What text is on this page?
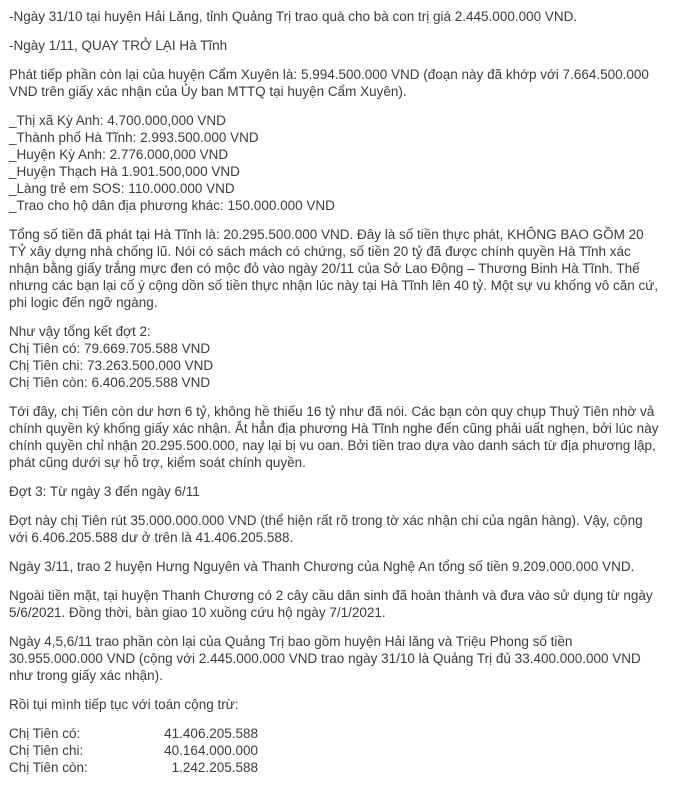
-Ngày 31/10 tại huyện Hải Lăng, tỉnh Quảng Trị trao quà cho bà con trị giá 2.445.000.000 VND.

-Ngày 1/11, QUAY TRỞ LẠI Hà Tĩnh

Phát tiếp phần còn lại của huyện Cẩm Xuyên là: 5.994.500.000 VND (đoạn này đã khớp với 7.664.500.000 VND trên giấy xác nhận của Ủy ban MTTQ tại huyện Cẩm Xuyên).

_Thị xã Kỳ Anh: 4.700.000,000 VND
_Thành phố Hà Tĩnh: 2.993.500.000 VND
_Huyện Kỳ Anh: 2.776.000,000 VND
_Huyện Thạch Hà 1.901.500,000 VND
_Làng trẻ em SOS: 110.000.000 VND
_Trao cho hộ dân địa phương khác: 150.000.000 VND

Tổng số tiền đã phát tại Hà Tĩnh là: 20.295.500.000 VND. Đây là số tiền thực phát, KHÔNG BAO GỒM 20 TỶ xây dựng nhà chống lũ. Nói có sách mách có chứng, số tiền 20 tỷ đã được chính quyền Hà Tĩnh xác nhận bằng giấy trắng mực đen có mộc đỏ vào ngày 20/11 của Sở Lao Động – Thương Binh Hà Tĩnh. Thế nhưng các bạn lại cố ý cộng dồn số tiền thực nhận lúc này tại Hà Tĩnh lên 40 tỷ. Một sự vu khống vô căn cứ, phi logic đến ngỡ ngàng.

Như vậy tổng kết đợt 2:
Chị Tiên có: 79.669.705.588 VND
Chị Tiên chi: 73.263.500.000 VND
Chị Tiên còn: 6.406.205.588 VND

Tới đây, chị Tiên còn dư hơn 6 tỷ, không hề thiếu 16 tỷ như đã nói. Các bạn còn quy chụp Thuỷ Tiên nhờ vả chính quyền ký khống giấy xác nhận. Ắt hẳn địa phương Hà Tĩnh nghe đến cũng phải uất nghẹn, bởi lúc này chính quyền chỉ nhận 20.295.500.000, nay lại bị vu oan. Bởi tiền trao dựa vào danh sách từ địa phương lập, phát cũng dưới sự hỗ trợ, kiểm soát chính quyền.

Đợt 3: Từ ngày 3 đến ngày 6/11

Đợt này chị Tiên rút 35.000.000.000 VND (thể hiện rất rõ trong tờ xác nhận chi của ngân hàng). Vậy, cộng với 6.406.205.588 dư ở trên là 41.406.205.588.

Ngày 3/11, trao 2 huyện Hưng Nguyên và Thanh Chương của Nghệ An tổng số tiền 9.209.000.000 VND.

Ngoài tiền mặt, tại huyện Thanh Chương có 2 cây cầu dân sinh đã hoàn thành và đưa vào sử dụng từ ngày 5/6/2021. Đồng thời, bàn giao 10 xuồng cứu hộ ngày 7/1/2021.

Ngày 4,5,6/11 trao phần còn lại của Quảng Trị bao gồm huyện Hải lăng và Triệu Phong số tiền 30.955.000.000 VND (cộng với 2.445.000.000 VND trao ngày 31/10 là Quảng Trị đủ 33.400.000.000 VND như trong giấy xác nhận).

Rồi tụi mình tiếp tục với toán cộng trừ:

Chị Tiên có:	41.406.205.588
Chị Tiên chi:	40.164.000.000
Chị Tiên còn:	1.242.205.588
